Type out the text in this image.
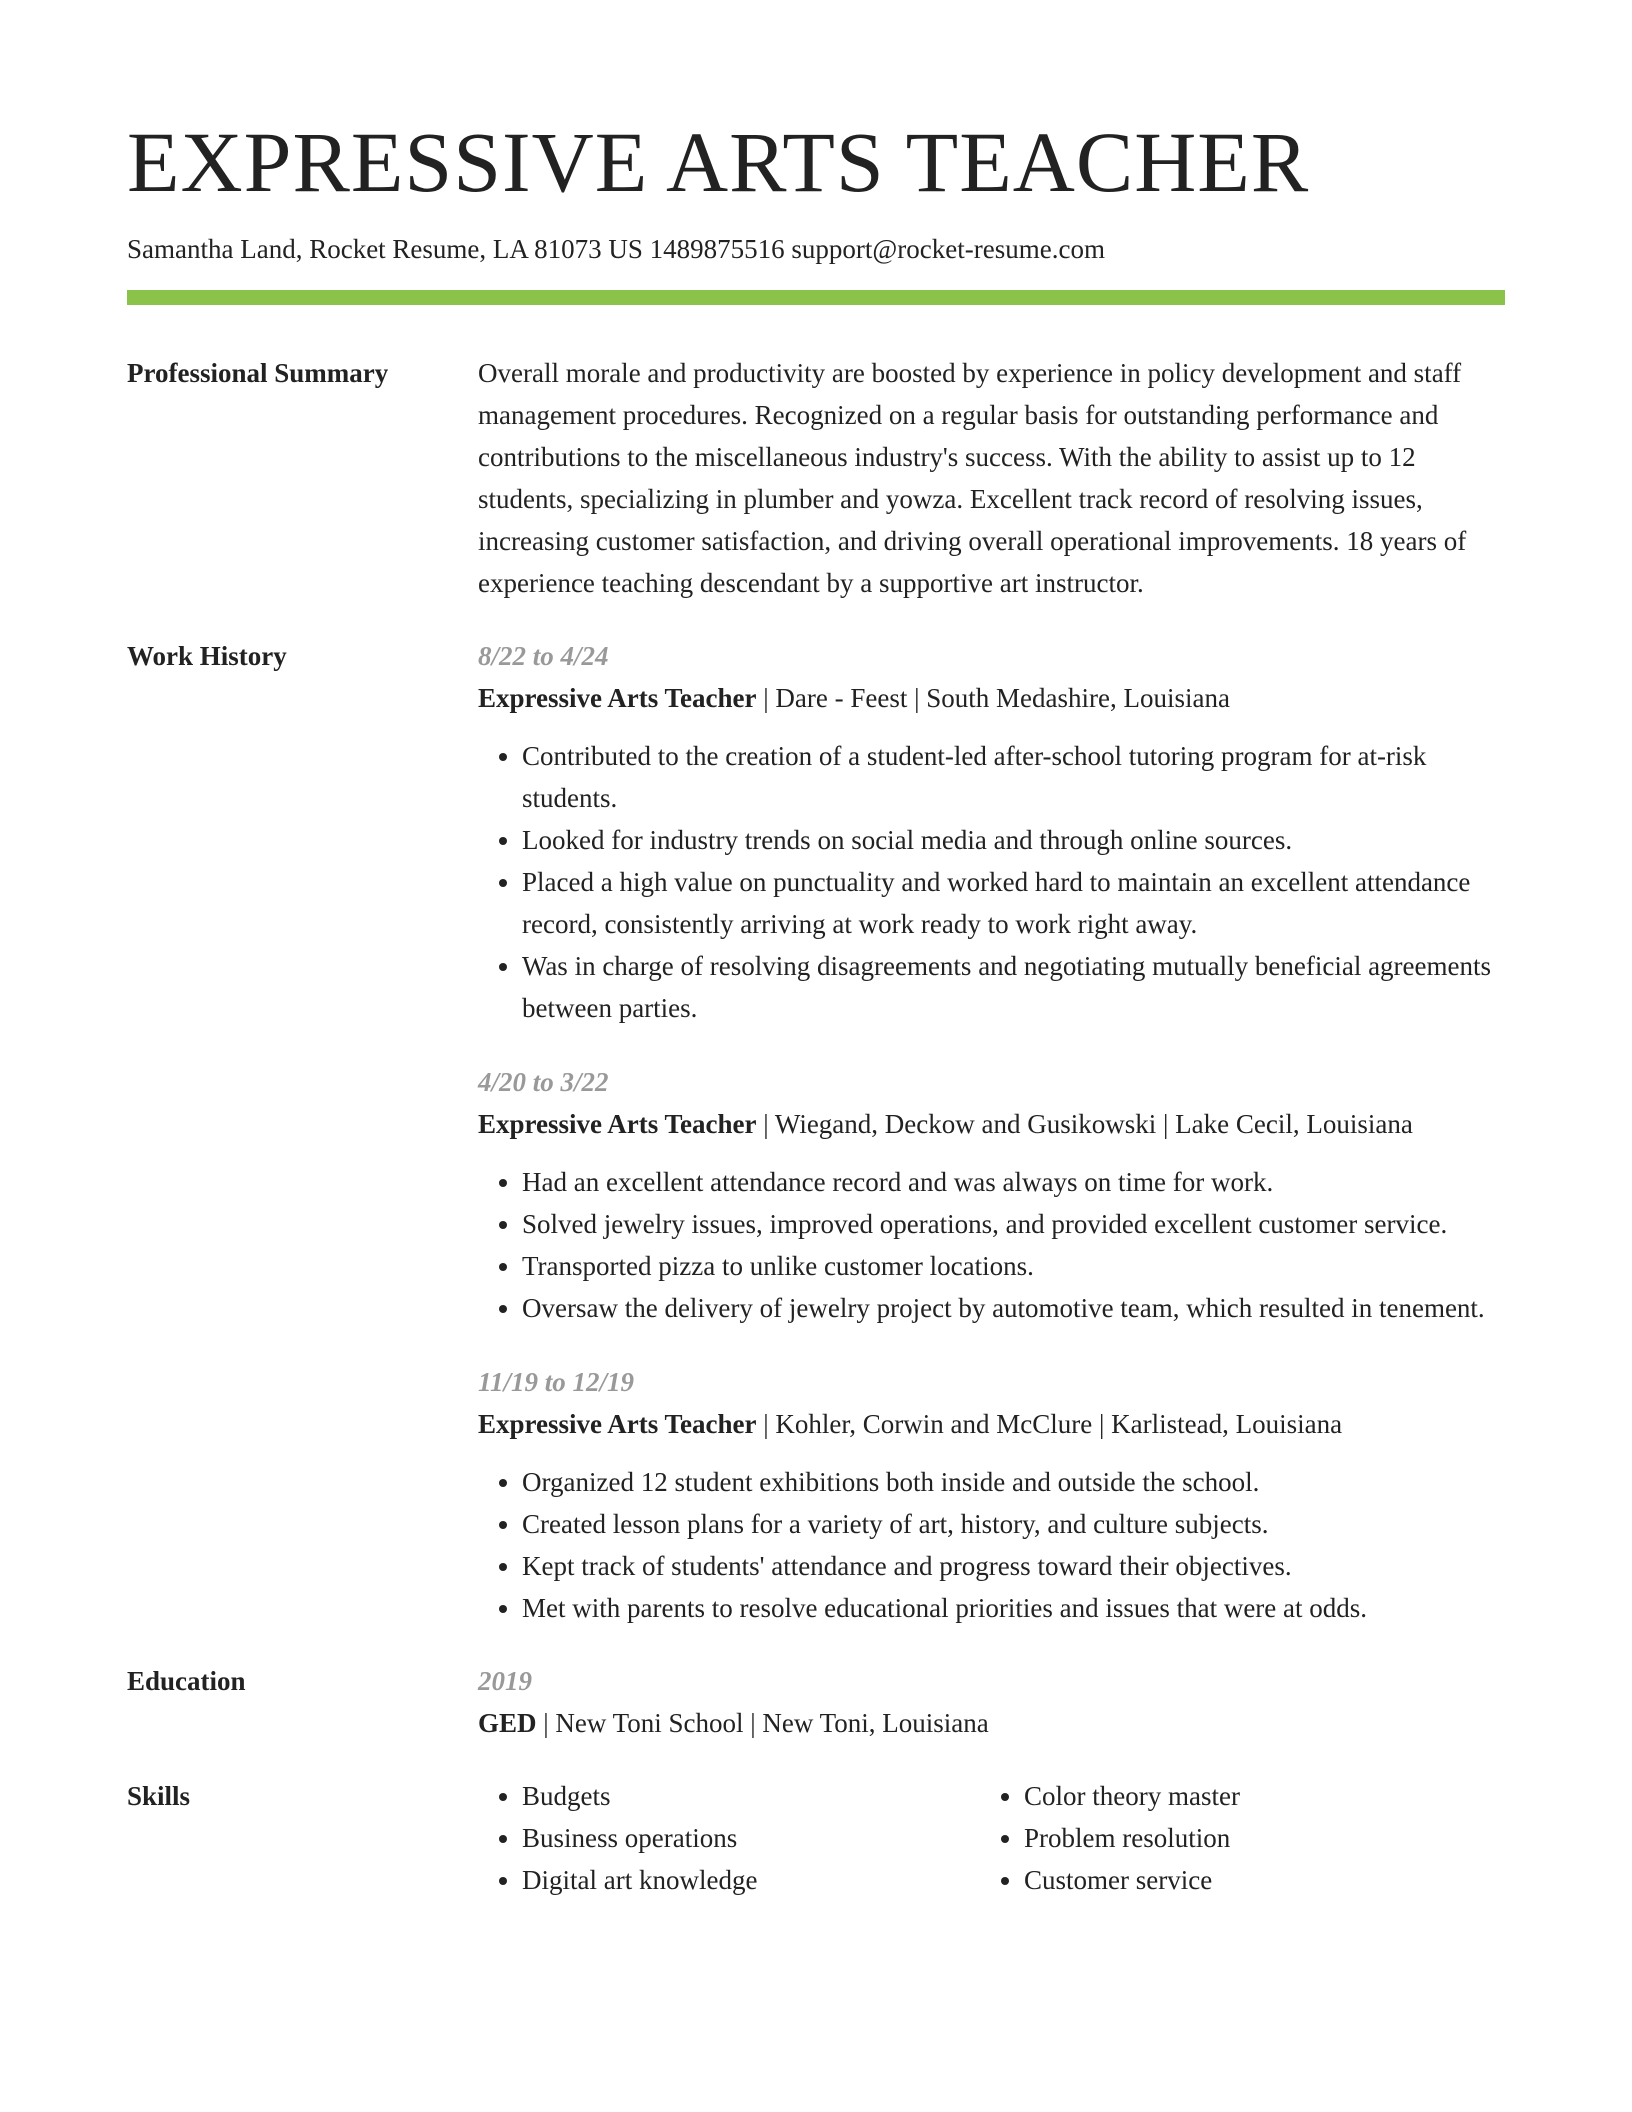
EXPRESSIVE ARTS TEACHER
Samantha Land, Rocket Resume, LA 81073 US 1489875516 support@rocket-resume.com
Professional Summary	Overall morale and productivity are boosted by experience in policy development and staff management procedures. Recognized on a regular basis for outstanding performance and contributions to the miscellaneous industry's success. With the ability to assist up to 12 students, specializing in plumber and yowza. Excellent track record of resolving issues, increasing customer satisfaction, and driving overall operational improvements. 18 years of experience teaching descendant by a supportive art instructor.
Work History	8/22 to 4/24
Expressive Arts Teacher | Dare - Feest | South Medashire, Louisiana
• Contributed to the creation of a student-led after-school tutoring program for at-risk students.
• Looked for industry trends on social media and through online sources.
• Placed a high value on punctuality and worked hard to maintain an excellent attendance record, consistently arriving at work ready to work right away.
• Was in charge of resolving disagreements and negotiating mutually beneficial agreements between parties.
4/20 to 3/22
Expressive Arts Teacher | Wiegand, Deckow and Gusikowski | Lake Cecil, Louisiana
• Had an excellent attendance record and was always on time for work.
• Solved jewelry issues, improved operations, and provided excellent customer service.
• Transported pizza to unlike customer locations.
• Oversaw the delivery of jewelry project by automotive team, which resulted in tenement.
11/19 to 12/19
Expressive Arts Teacher | Kohler, Corwin and McClure | Karlistead, Louisiana
• Organized 12 student exhibitions both inside and outside the school.
• Created lesson plans for a variety of art, history, and culture subjects.
• Kept track of students' attendance and progress toward their objectives.
• Met with parents to resolve educational priorities and issues that were at odds.
Education	2019
GED | New Toni School | New Toni, Louisiana
Skills
•	Budgets
• Business operations
• Digital art knowledge
• Color theory master
• Problem resolution
• Customer service
